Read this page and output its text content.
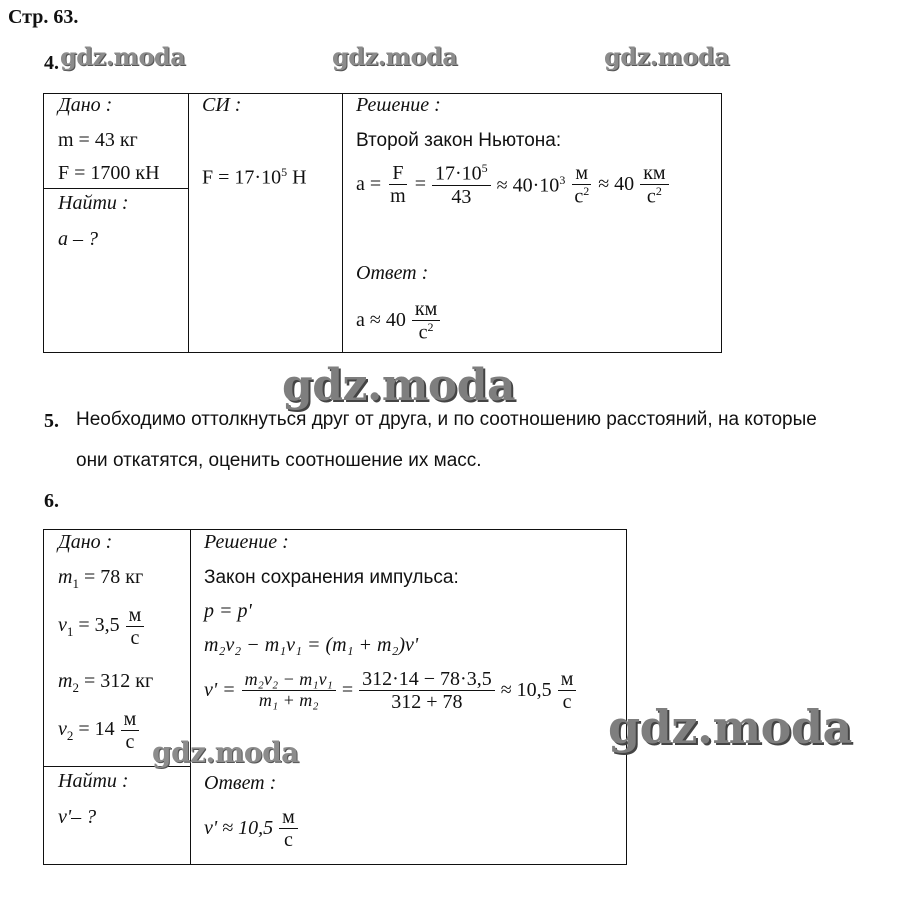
Стр. 63.
4. gdz.moda	gdz.moda	gdz.moda
Дано :
m = 43 кг
F = 1700 кН
Найти :
a – ?
СИ :
$F = 17\cdot 10^5$ Н
Решение :
Второй закон Ньютона:
$a = \frac{F}{m} = \frac{17\cdot 10^5}{43} \approx 40\cdot 10^3 \frac{м}{с^2} \approx 40 \frac{км}{с^2}$
Ответ :
$a \approx 40 \frac{км}{с^2}$
gdz.moda
5. Необходимо оттолкнуться друг от друга, и по соотношению расстояний, на которые
они откатятся, оценить соотношение их масс.
6.
Дано :
$m_1 = 78$ кг
$v_1 = 3,5 \frac{м}{с}$
$m_2 = 312$ кг
$v_2 = 14 \frac{м}{с}$ gdz.moda
Найти :
v'– ?
Решение :
Закон сохранения импульса:
p = p'
m₂v₂ − m₁v₁ = (m₁ + m₂)v'
$v' = \frac{\text{m₂v₂ − m₁v₁}}{\text{m₁ + m₂}} = \frac{312\cdot 14 - 78\cdot 3,5}{312 + 78} \approx 10,5 \frac{м}{с}$
gdz.moda
Ответ :
$v' \approx 10,5 \frac{м}{с}$
